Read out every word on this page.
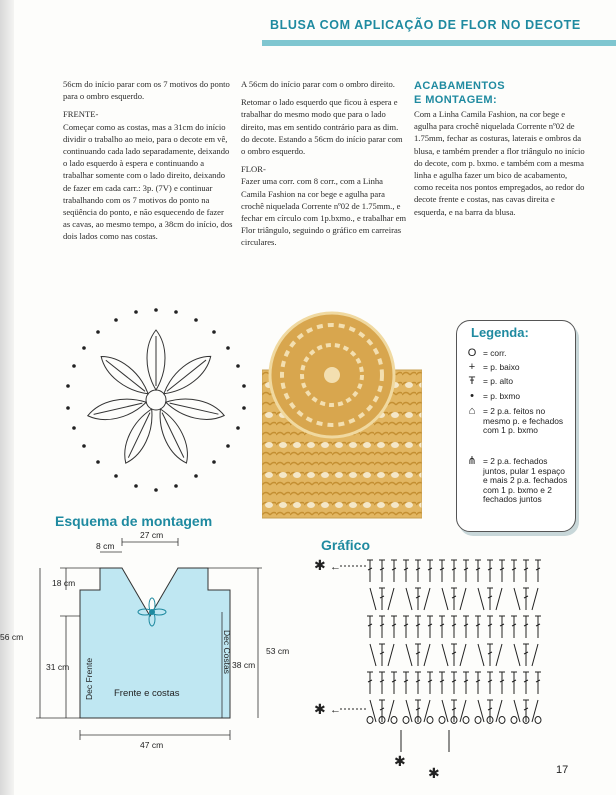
BLUSA COM APLICAÇÃO DE FLOR NO DECOTE

56cm do início parar com os 7 motivos do ponto para o ombro esquerdo.

FRENTE-

Começar como as costas, mas a 31cm do início dividir o trabalho ao meio, para o decote em vê, continuando cada lado separadamente, deixando o lado esquerdo à espera e continuando a trabalhar somente com o lado direito, deixando de fazer em cada carr.: 3p. (7V) e continuar trabalhando com os 7 motivos do ponto na seqüência do ponto, e não esquecendo de fazer as cavas, ao mesmo tempo, a 38cm do início, dos dois lados como nas costas.

A 56cm do início parar com o ombro direito.

Retomar o lado esquerdo que ficou à espera e trabalhar do mesmo modo que para o lado direito, mas em sentido contrário para as dim. do decote. Estando a 56cm do início parar com o ombro esquerdo.

FLOR-

Fazer uma corr. com 8 corr., com a Linha Camila Fashion na cor bege e agulha para crochê niquelada Corrente nº02 de 1.75mm., e fechar em círculo com 1p.bxmo., e trabalhar em Flor triângulo, seguindo o gráfico em carreiras circulares.

ACABAMENTOS
E MONTAGEM:

Com a Linha Camila Fashion, na cor bege e agulha para crochê niquelada Corrente nº02 de 1.75mm, fechar as costuras, laterais e ombros da blusa, e também prender a flor triângulo no início do decote, com p. bxmo. e também com a mesma linha e agulha fazer um bico de acabamento, como receita nos pontos empregados, ao redor do decote frente e costas, nas cavas direita e esquerda, e na barra da blusa.

Legenda:
O = corr.
+ = p. baixo
Ŧ = p. alto
•	= p. bxmo
⌂ = 2 p.a. feitos no mesmo p. e fechados com 1 p. bxmo
⋔ = 2 p.a. fechados juntos, pular 1 espaço e mais 2 p.a. fechados com 1 p. bxmo e 2 fechados juntos
Esquema de montagem
27 cm
8 cm
18 cm
56 cm
31 cm	38 cm
53 cm
47 cm
Dec Frente
Dec Costas
Frente e costas
Gráfico
✱ ←
✱ ←
✱
✱	17
